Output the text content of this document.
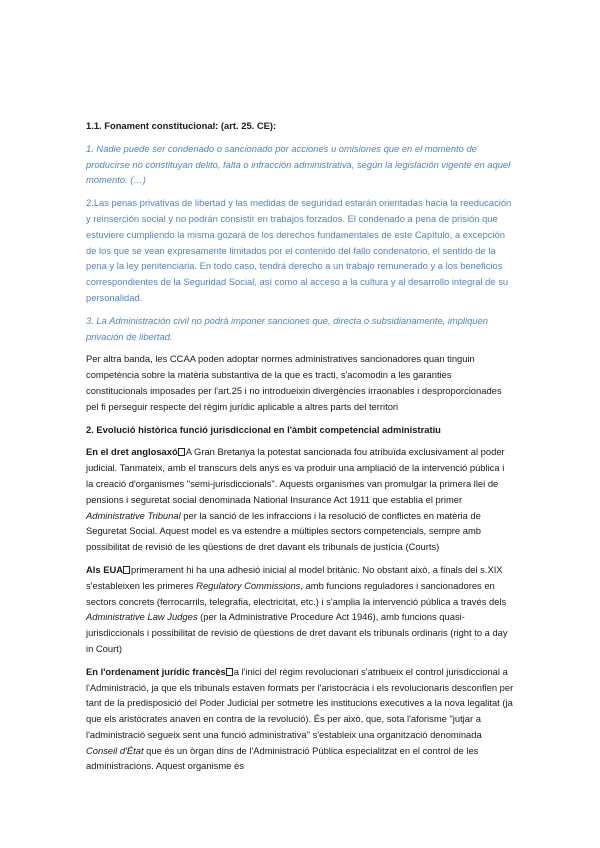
1.1. Fonament constitucional: (art. 25. CE):

1. Nadie puede ser condenado o sancionado por acciones u omisiones que en el momento de producirse no constituyan delito, falta o infracción administrativa, según la legislación vigente en aquel momento. (…)

2.Las penas privativas de libertad y las medidas de seguridad estarán orientadas hacia la reeducación y reinserción social y no podrán consistir en trabajos forzados. El condenado a pena de prisión que estuviere cumpliendo la misma gozará de los derechos fundamentales de este Capítulo, a excepción de los que se vean expresamente limitados por el contenido del fallo condenatorio, el sentido de la pena y la ley penitenciaria. En todo caso, tendrá derecho a un trabajo remunerado y a los beneficios correspondientes de la Seguridad Social, así como al acceso a la cultura y al desarrollo integral de su personalidad.

3. La Administración civil no podrá imponer sanciones que, directa o subsidiariamente, impliquen privación de libertad.

Per altra banda, les CCAA poden adoptar normes administratives sancionadores quan tinguin competència sobre la matèria substantiva de la que es tracti, s'acomodin a les garanties constitucionals imposades per l'art.25 i no introdueixin divergències irraonables i desproporcionades pel fi perseguir respecte del règim jurídic aplicable a altres parts del territori

2. Evolució històrica funció jurisdiccional en l'àmbit competencial administratiu

En el dret anglosaxó A Gran Bretanya la potestat sancionada fou atribuïda exclusivament al poder judicial. Tanmateix, amb el transcurs dels anys es va produir una ampliació de la intervenció pública i la creació d'organismes "semi-jurisdiccionals". Aquests organismes van promulgar la primera llei de pensions i seguretat social denominada National Insurance Act 1911 que establia el primer Administrative Tribunal per la sanció de les infraccions i la resolució de conflictes en matèria de Seguretat Social. Aquest model es va estendre a múltiples sectors competencials, sempre amb possibilitat de revisió de les qüestions de dret davant els tribunals de justícia (Courts)

Als EUA primerament hi ha una adhesió inicial al model britànic. No obstant això, a finals del s.XIX s'estableixen les primeres Regulatory Commissions, amb funcions reguladores i sancionadores en sectors concrets (ferrocarrils, telegrafia, electricitat, etc.) i s'amplia la intervenció pública a través dels Administrative Law Judges (per la Administrative Procedure Act 1946), amb funcions quasi-jurisdiccionals i possibilitat de revisió de qüestions de dret davant els tribunals ordinaris (right to a day in Court)

En l'ordenament jurídic francès a l'inici del règim revolucionari s'atribueix el control jurisdiccional a l'Administració, ja que els tribunals estaven formats per l'aristocràcia i els revolucionaris desconfien per tant de la predisposició del Poder Judicial per sotmetre les institucions executives a la nova legalitat (ja que els aristòcrates anaven en contra de la revolució). És per això, que, sota l'aforisme "jutjar a l'administració segueix sent una funció administrativa" s'estableix una organització denominada Conseil d'État que és un òrgan dins de l'Administració Pública especialitzat en el control de les administracions. Aquest organisme és
